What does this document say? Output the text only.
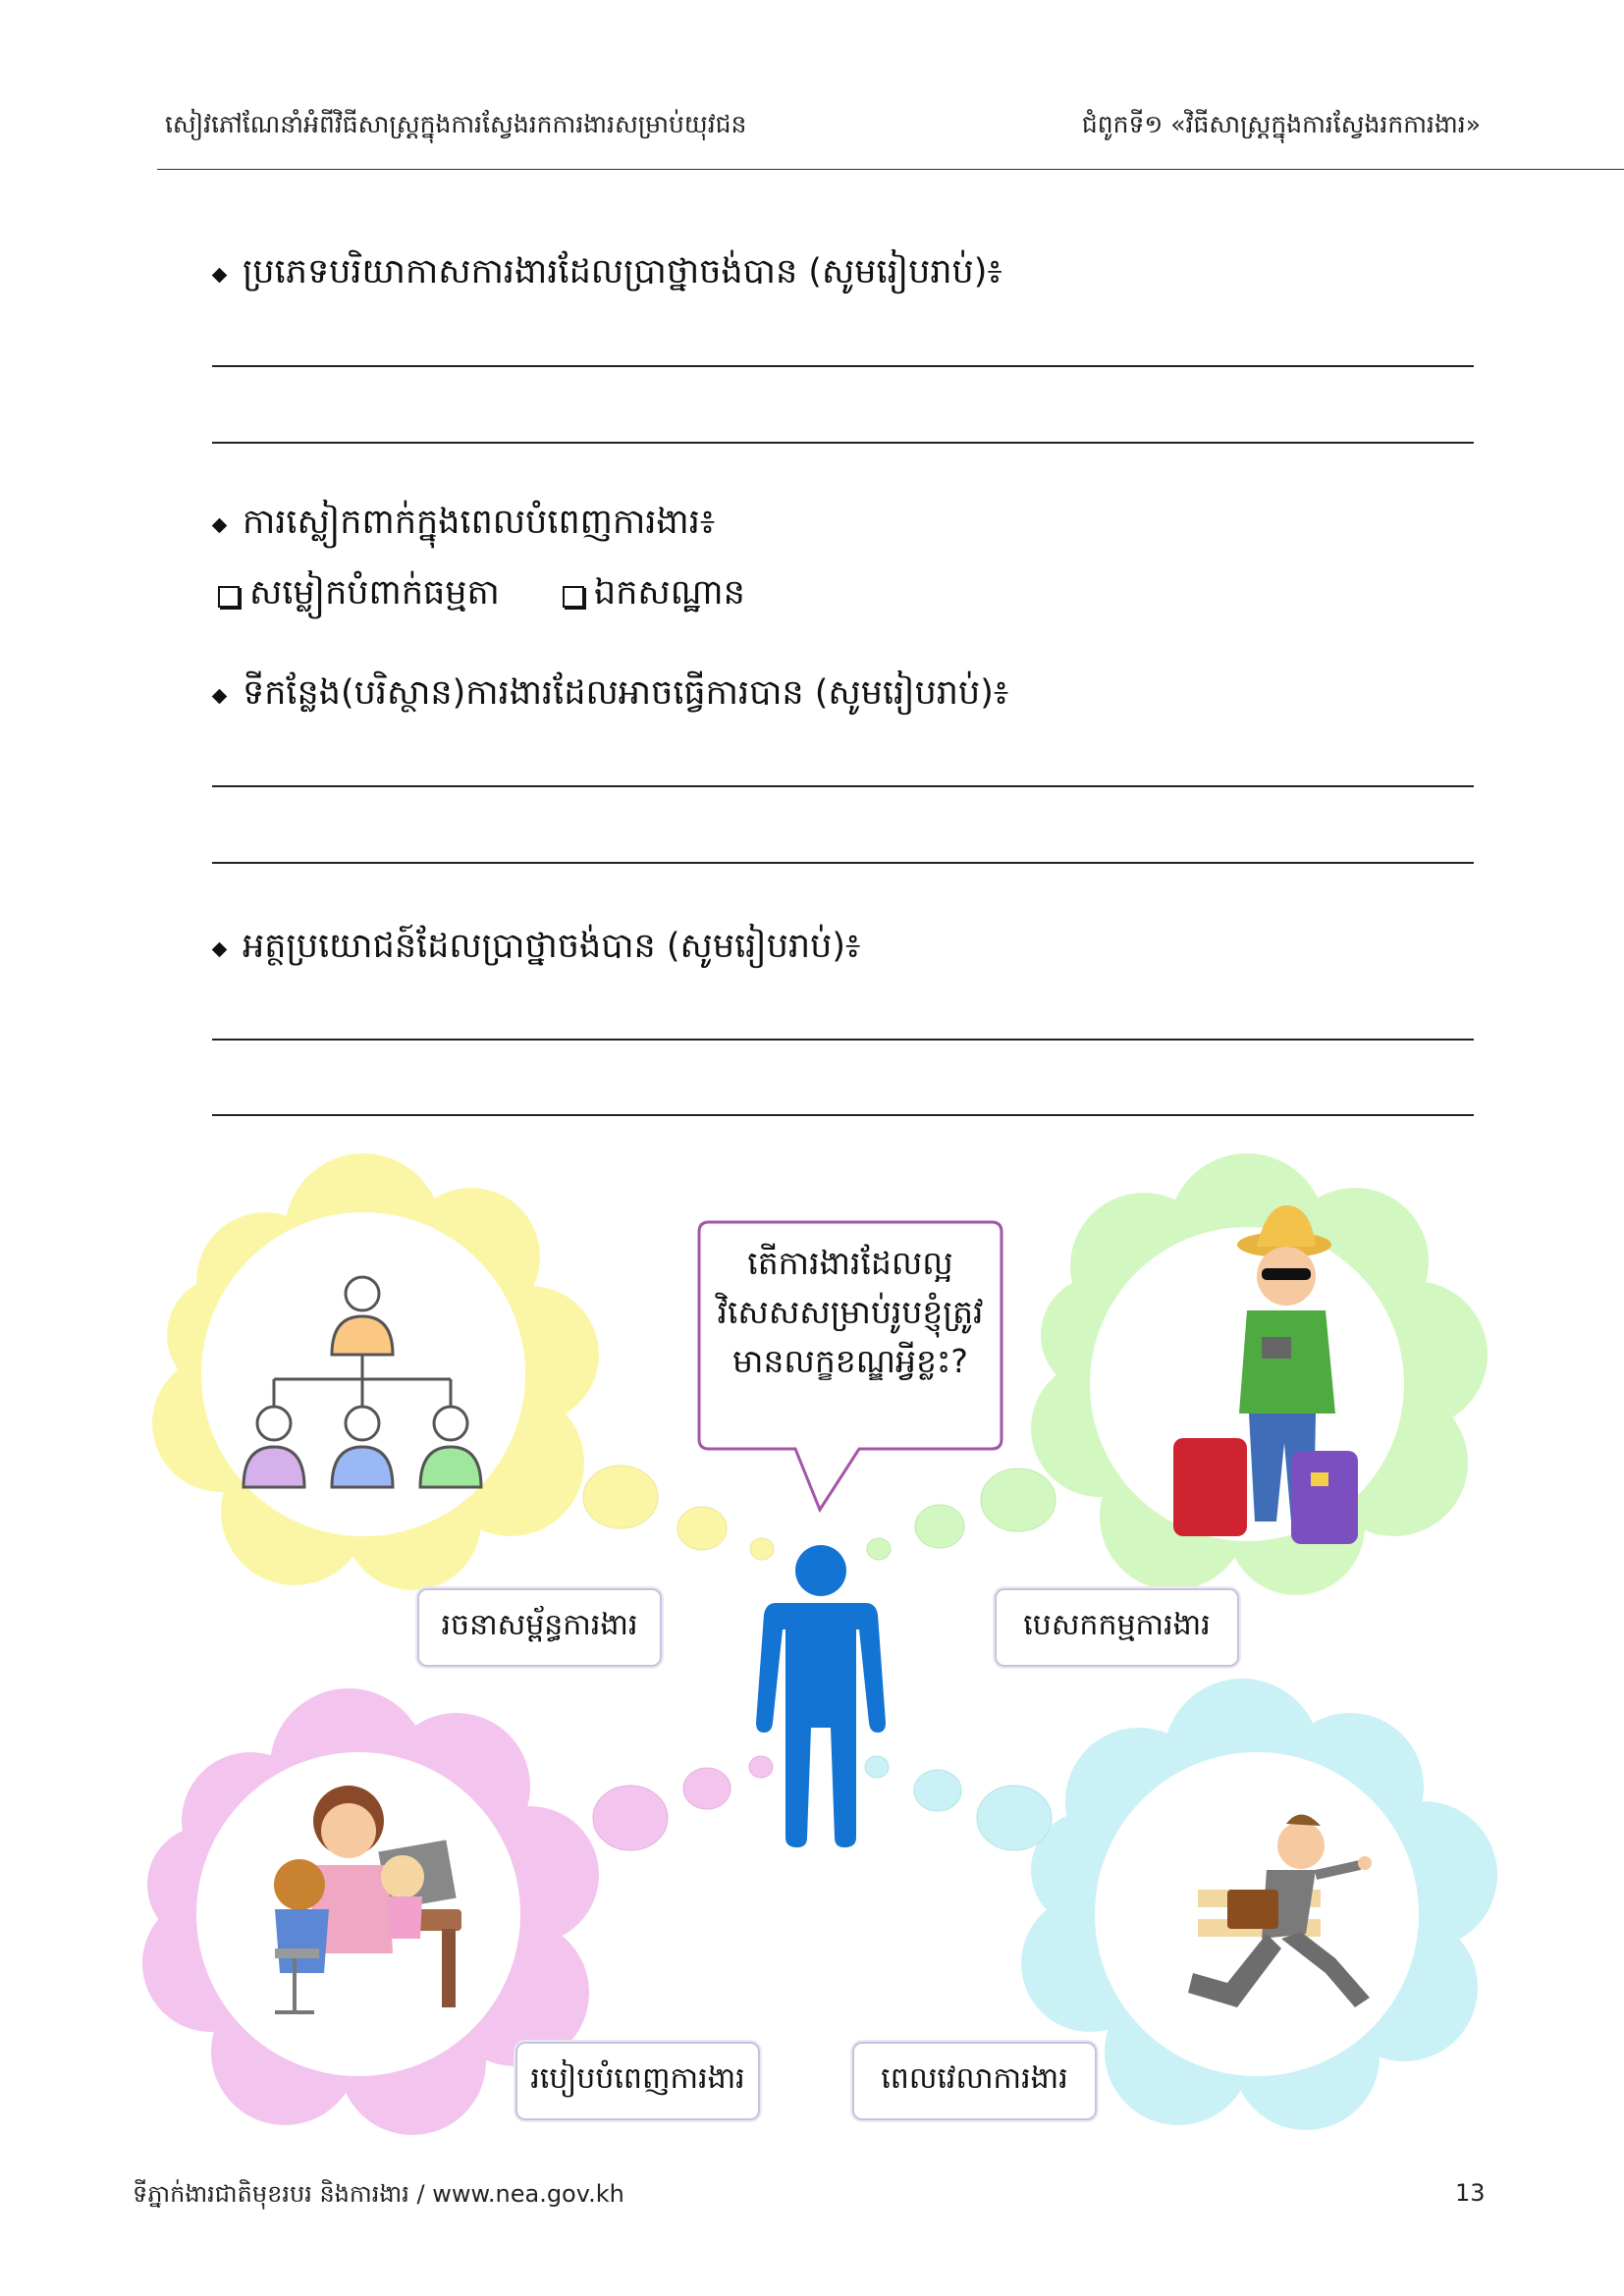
សៀវភៅណែនាំអំពីវិធីសាស្ត្រក្នុងការស្វែងរកការងារសម្រាប់យុវជន	ជំពូកទី១ «វិធីសាស្ត្រក្នុងការស្វែងរកការងារ»
ប្រភេទបរិយាកាសការងារដែលប្រាថ្នាចង់បាន (សូមរៀបរាប់)៖
ការស្លៀកពាក់ក្នុងពេលបំពេញការងារ៖
សម្លៀកបំពាក់ធម្មតា	ឯកសណ្ឋាន
ទីកន្លែង(បរិស្ថាន)ការងារដែលអាចធ្វើការបាន (សូមរៀបរាប់)៖
អត្ថប្រយោជន៍ដែលប្រាថ្នាចង់បាន (សូមរៀបរាប់)៖
តើការងារដែលល្អ
វិសេសសម្រាប់រូបខ្ញុំត្រូវ
មានលក្ខខណ្ឌអ្វីខ្លះ?
រចនាសម្ព័ន្ធការងារ	បេសកកម្មការងារ
របៀបបំពេញការងារ	ពេលវេលាការងារ
ទីភ្នាក់ងារជាតិមុខរបរ និងការងារ / www.nea.gov.kh	13
